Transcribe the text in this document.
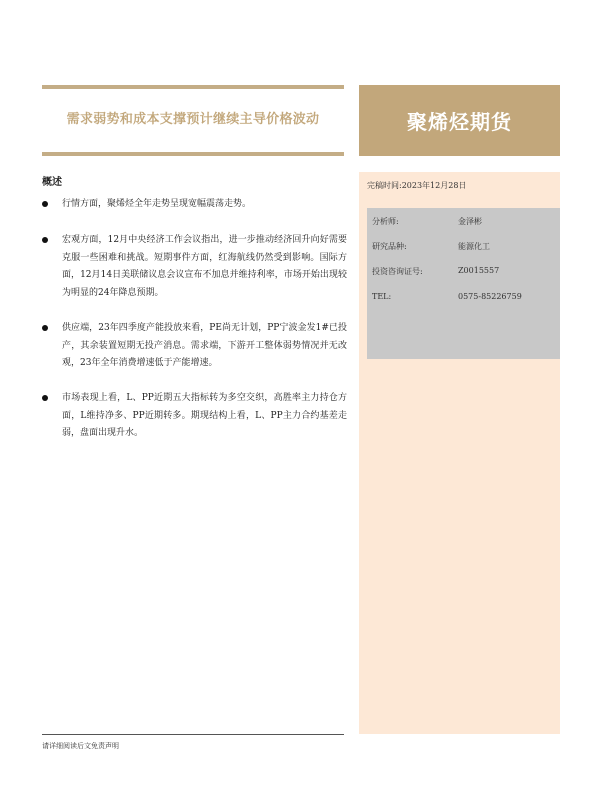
需求弱势和成本支撑预计继续主导价格波动	聚烯烃期货
完稿时间:2023年12月28日
分析师:	金泽彬
研究品种:	能源化工
投资咨询证号:	Z0015557
TEL:	0575-85226759
概述
行情方面，聚烯烃全年走势呈现宽幅震荡走势。
宏观方面，12月中央经济工作会议指出，进一步推动经济回升向好需要克服一些困难和挑战。短期事件方面，红海航线仍然受到影响。国际方面，12月14日美联储议息会议宣布不加息并维持利率，市场开始出现较为明显的24年降息预期。
供应端，23年四季度产能投放来看，PE尚无计划，PP宁波金发1#已投产，其余装置短期无投产消息。需求端，下游开工整体弱势情况并无改观，23年全年消费增速低于产能增速。
市场表现上看，L、PP近期五大指标转为多空交织，高胜率主力持仓方面，L维持净多、PP近期转多。期现结构上看，L、PP主力合约基差走弱，盘面出现升水。
请详细阅读后文免责声明
